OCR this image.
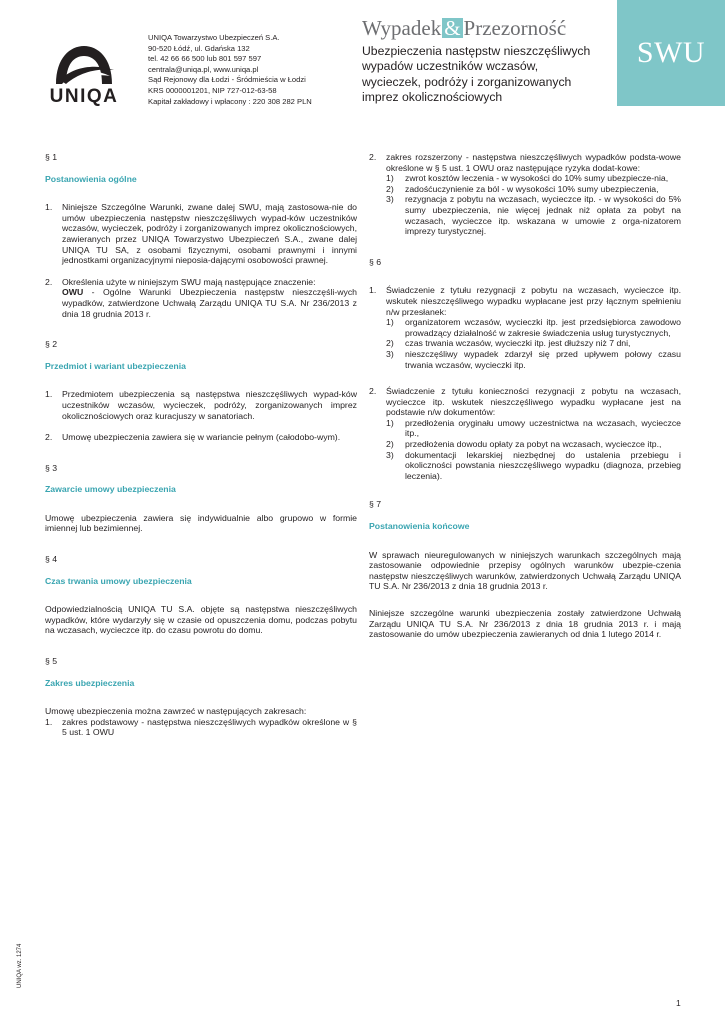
UNIQA
UNIQA Towarzystwo Ubezpieczeń S.A.
90-520 Łódź, ul. Gdańska 132
tel. 42 66 66 500 lub 801 597 597
centrala@uniqa.pl, www.uniqa.pl
Sąd Rejonowy dla Łodzi - Śródmieścia w Łodzi
KRS 0000001201, NIP 727-012-63-58
Kapitał zakładowy i wpłacony : 220 308 282 PLN
Wypadek & Przezorność
Ubezpieczenia następstw nieszczęśliwych
wypadów uczestników wczasów,
wycieczek, podróży i zorganizowanych
imprez okolicznościowych
SWU
§ 1
Postanowienia ogólne
1. Niniejsze Szczególne Warunki, zwane dalej SWU, mają zastosowa-nie do umów ubezpieczenia następstw nieszczęśliwych wypad-ków uczestników wczasów, wycieczek, podróży i zorganizowanych imprez okolicznościowych, zawieranych przez UNIQA Towarzystwo Ubezpieczeń S.A., zwane dalej UNIQA TU SA, z osobami fizycznymi, osobami prawnymi i innymi jednostkami organizacyjnymi nieposia-dającymi osobowości prawnej.
2. Określenia użyte w niniejszym SWU mają następujące znaczenie:
OWU - Ogólne Warunki Ubezpieczenia następstw nieszczęśli-wych wypadków, zatwierdzone Uchwałą Zarządu UNIQA TU S.A. Nr 236/2013 z dnia 18 grudnia 2013 r.
§ 2
Przedmiot i wariant ubezpieczenia
1. Przedmiotem ubezpieczenia są następstwa nieszczęśliwych wypad-ków uczestników wczasów, wycieczek, podróży, zorganizowanych imprez okolicznościowych oraz kuracjuszy w sanatoriach.
2. Umowę ubezpieczenia zawiera się w wariancie pełnym (całodobo-wym).
§ 3
Zawarcie umowy ubezpieczenia
Umowę ubezpieczenia zawiera się indywidualnie albo grupowo w formie imiennej lub bezimiennej.
§ 4
Czas trwania umowy ubezpieczenia
Odpowiedzialnością UNIQA TU S.A. objęte są następstwa nieszczęśliwych wypadków, które wydarzyły się w czasie od opuszczenia domu, podczas pobytu na wczasach, wycieczce itp. do czasu powrotu do domu.
§ 5
Zakres ubezpieczenia
Umowę ubezpieczenia można zawrzeć w następujących zakresach:
1. zakres podstawowy - następstwa nieszczęśliwych wypadków określone w § 5 ust. 1 OWU
2. zakres rozszerzony - następstwa nieszczęśliwych wypadków podsta-wowe określone w § 5 ust. 1 OWU oraz następujące ryzyka dodat-kowe:
1) zwrot kosztów leczenia - w wysokości do 10% sumy ubezpiecze-nia,
2) zadośćuczynienie za ból - w wysokości 10% sumy ubezpieczenia,
3) rezygnacja z pobytu na wczasach, wycieczce itp. - w wysokości do 5% sumy ubezpieczenia, nie więcej jednak niż opłata za pobyt na wczasach, wycieczce itp. wskazana w umowie z orga-nizatorem imprezy turystycznej.
§ 6
1. Świadczenie z tytułu rezygnacji z pobytu na wczasach, wycieczce itp. wskutek nieszczęśliwego wypadku wypłacane jest przy łącznym spełnieniu n/w przesłanek:
1) organizatorem wczasów, wycieczki itp. jest przedsiębiorca zawodowo prowadzący działalność w zakresie świadczenia usług turystycznych,
2) czas trwania wczasów, wycieczki itp. jest dłuższy niż 7 dni,
3) nieszczęśliwy wypadek zdarzył się przed upływem połowy czasu trwania wczasów, wycieczki itp.
2. Świadczenie z tytułu konieczności rezygnacji z pobytu na wczasach, wycieczce itp. wskutek nieszczęśliwego wypadku wypłacane jest na podstawie n/w dokumentów:
1) przedłożenia oryginału umowy uczestnictwa na wczasach, wycieczce itp.,
2) przedłożenia dowodu opłaty za pobyt na wczasach, wycieczce itp.,
3) dokumentacji lekarskiej niezbędnej do ustalenia przebiegu i okoliczności powstania nieszczęśliwego wypadku (diagnoza, przebieg leczenia).
§ 7
Postanowienia końcowe
W sprawach nieuregulowanych w niniejszych warunkach szczególnych mają zastosowanie odpowiednie przepisy ogólnych warunków ubezpie-czenia następstw nieszczęśliwych warunków, zatwierdzonych Uchwałą Zarządu UNIQA TU S.A. Nr 236/2013 z dnia 18 grudnia 2013 r.
Niniejsze szczególne warunki ubezpieczenia zostały zatwierdzone Uchwałą Zarządu UNIQA TU S.A. Nr 236/2013 z dnia 18 grudnia 2013 r. i mają zastosowanie do umów ubezpieczenia zawieranych od dnia 1 lutego 2014 r.
UNIQA wz. 1274
1
